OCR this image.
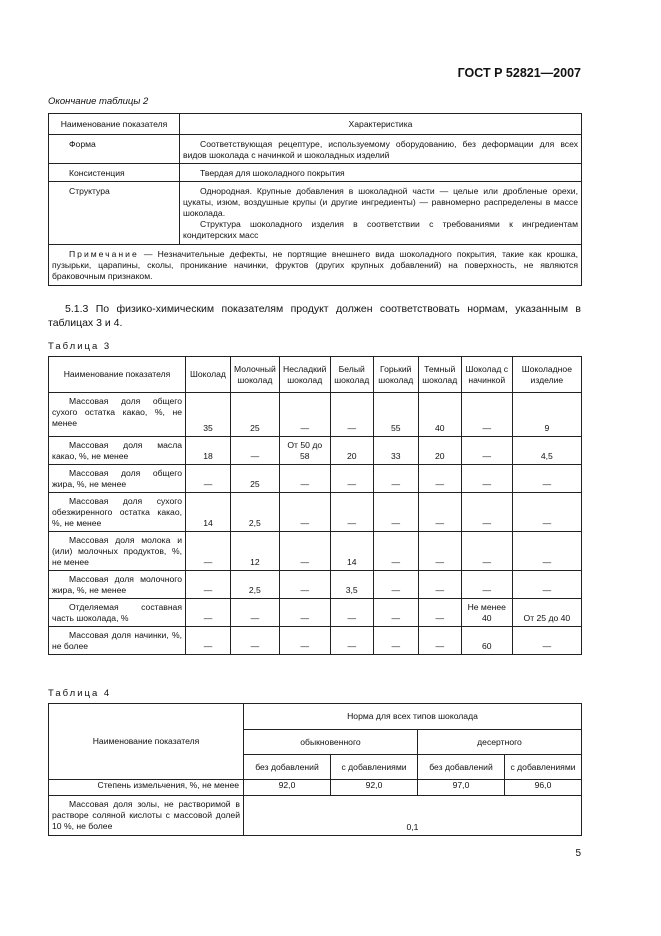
ГОСТ Р 52821—2007
Окончание таблицы 2
Наименование показателя	Характеристика
Форма	Соответствующая рецептуре, используемому оборудованию, без деформации для всех видов шоколада с начинкой и шоколадных изделий
Консистенция	Твердая для шоколадного покрытия
Структура	Однородная. Крупные добавления в шоколадной части — целые или дробленые орехи, цукаты, изюм, воздушные крупы (и другие ингредиенты) — равномерно распределены в массе шоколада.
Структура шоколадного изделия в соответствии с требованиями к ингредиентам кондитерских масс

Примечание — Незначительные дефекты, не портящие внешнего вида шоколадного покрытия, такие как крошка, пузырьки, царапины, сколы, проникание начинки, фруктов (других крупных добавлений) на поверхность, не являются браковочным признаком.	
5.1.3 По физико-химическим показателям продукт должен соответствовать нормам, указанным в таблицах 3 и 4.
Таблица 3
Наименование показателя	Шоколад	Молочный шоколад	Несладкий шоколад	Белый шоколад	Горький шоколад	Темный шоколад	Шоколад с начинкой	Шоколадное изделие
Массовая доля общего сухого остатка какао, %, не менее	35	25	—	—	55	40	—	9
Массовая доля масла какао, %, не менее	18	—	От 50 до 58	20	33	20	—	4,5
Массовая доля общего жира, %, не менее	—	25	—	—	—	—	—	—
Массовая доля сухого обезжиренного остатка какао, %, не менее	14	2,5	—	—	—	—	—	—
Массовая доля молока и (или) молочных продуктов, %, не менее	—	12	—	14	—	—	—	—
Массовая доля молочного жира, %, не менее	—	2,5	—	3,5	—	—	—	—
Отделяемая составная часть шоколада, %	—	—	—	—	—	—	Не менее 40	От 25 до 40
Массовая доля начинки, %, не более	—	—	—	—	—	—	60	—
Таблица 4
Наименование показателя	Норма для всех типов шоколада			
	обыкновенного		десертного	
	без добавлений	с добавлениями	без добавлений	с добавлениями
Степень измельчения, %, не менее	92,0	92,0	97,0	96,0
Массовая доля золы, не растворимой в растворе соляной кислоты с массовой долей 10 %, не более	0,1			
5
